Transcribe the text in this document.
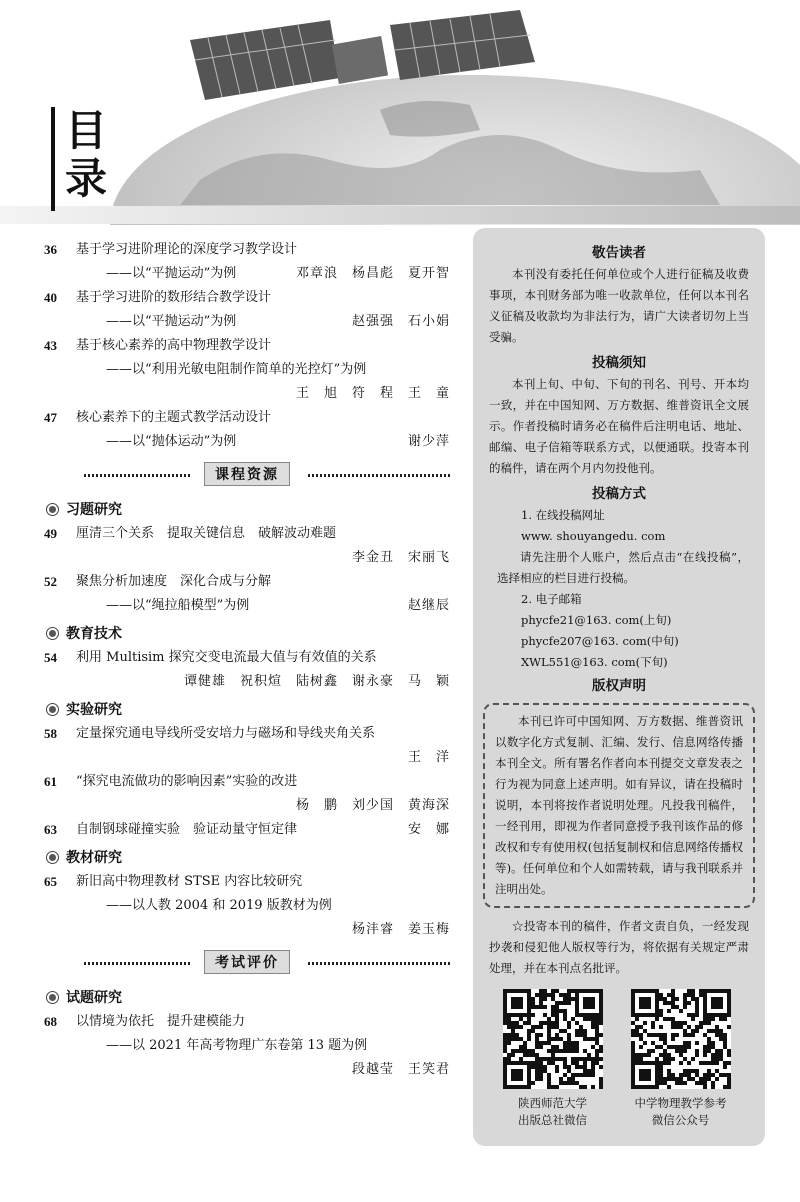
目
录
36 基于学习进阶理论的深度学习教学设计
——以“平抛运动”为例	邓章浪　杨昌彪　夏开智
40 基于学习进阶的数形结合教学设计
——以“平抛运动”为例	赵强强　石小娟
43 基于核心素养的高中物理教学设计
——以“利用光敏电阻制作简单的光控灯”为例
王　旭　符　程　王　童
47 核心素养下的主题式教学活动设计
——以“抛体运动”为例	谢少萍
课程资源
习题研究
49 厘清三个关系　提取关键信息　破解波动难题
李金丑　宋丽飞
52 聚焦分析加速度　深化合成与分解
——以“绳拉船模型”为例	赵继辰
教育技术
54 利用 Multisim 探究交变电流最大值与有效值的关系
谭健雄　祝积煊　陆树鑫　谢永豪　马　颖
实验研究
58 定量探究通电导线所受安培力与磁场和导线夹角关系
王　洋
61 “探究电流做功的影响因素”实验的改进
杨　鹏　刘少国　黄海深
63 自制钢球碰撞实验　验证动量守恒定律	安　娜
教材研究
65 新旧高中物理教材 STSE 内容比较研究
——以人教 2004 和 2019 版教材为例
杨沣睿　姜玉梅
考试评价
试题研究
68 以情境为依托　提升建模能力
——以 2021 年高考物理广东卷第 13 题为例
段越莹　王笑君
敬告读者
本刊没有委托任何单位或个人进行征稿及收费事项，本刊财务部为唯一收款单位，任何以本刊名义征稿及收款均为非法行为，请广大读者切勿上当受骗。
投稿须知
本刊上旬、中旬、下旬的刊名、刊号、开本均一致，并在中国知网、万方数据、维普资讯全文展示。作者投稿时请务必在稿件后注明电话、地址、邮编、电子信箱等联系方式，以便通联。投寄本刊的稿件，请在两个月内勿投他刊。
投稿方式
1. 在线投稿网址
www. shouyangedu. com
请先注册个人账户，然后点击“在线投稿”，选择相应的栏目进行投稿。
2. 电子邮箱
phycfe21@163. com(上旬)
phycfe207@163. com(中旬)
XWL551@163. com(下旬)
版权声明
本刊已许可中国知网、万方数据、维普资讯以数字化方式复制、汇编、发行、信息网络传播本刊全文。所有署名作者向本刊提交文章发表之行为视为同意上述声明。如有异议，请在投稿时说明，本刊将按作者说明处理。凡投我刊稿件，一经刊用，即视为作者同意授予我刊该作品的修改权和专有使用权(包括复制权和信息网络传播权等)。任何单位和个人如需转载，请与我刊联系并注明出处。
☆投寄本刊的稿件，作者文责自负，一经发现抄袭和侵犯他人版权等行为，将依据有关规定严肃处理，并在本刊点名批评。
陕西师范大学
出版总社微信
中学物理教学参考
微信公众号
